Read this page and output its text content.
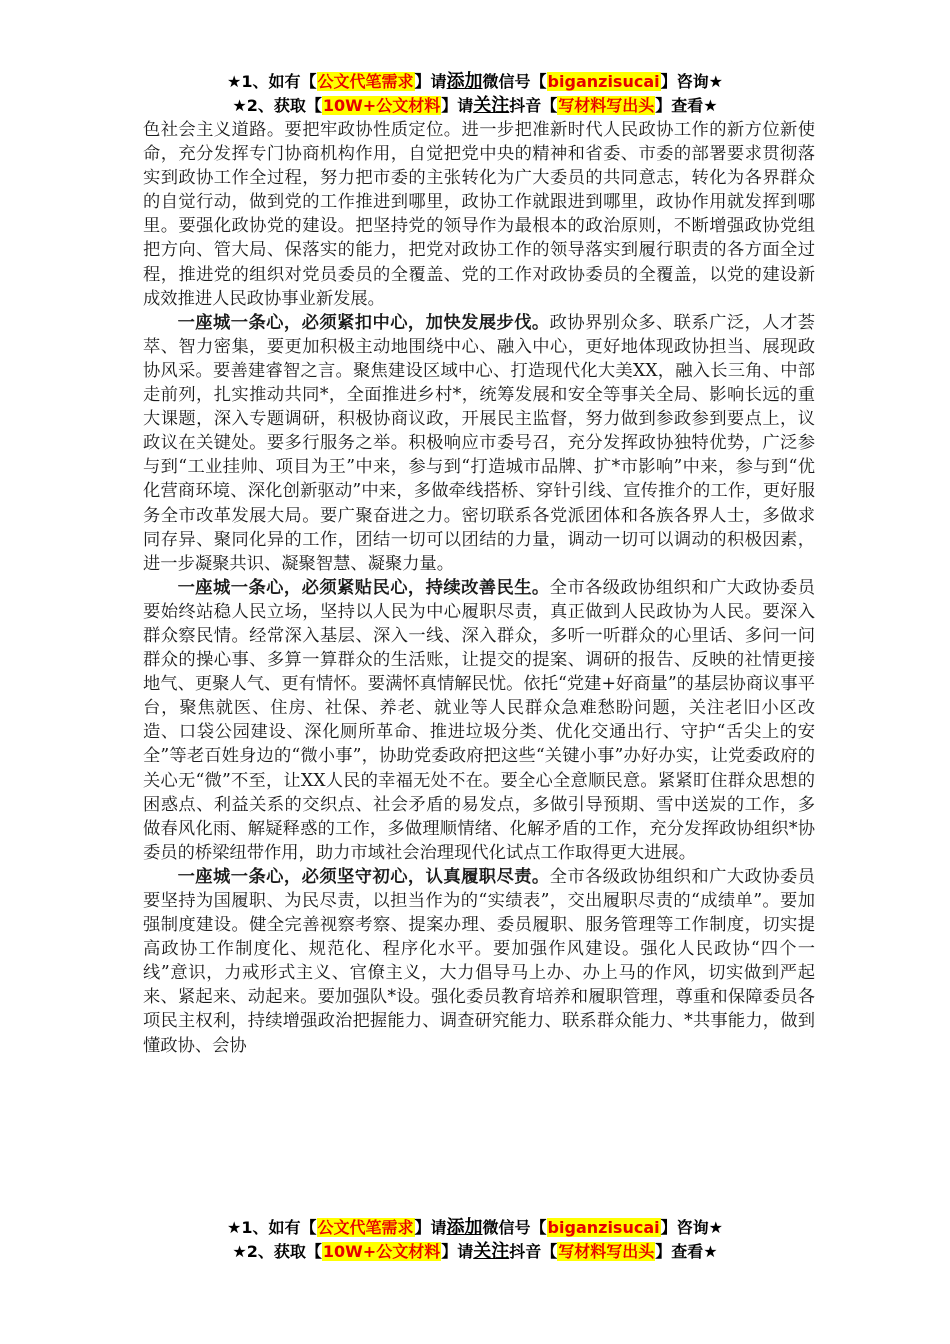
★1、如有【公文代笔需求】请添加微信号【biganzisucai】咨询★
★2、获取【10W+公文材料】请关注抖音【写材料写出头】查看★

色社会主义道路。要把牢政协性质定位。进一步把准新时代人民政协工作的新方位新使命，充分发挥专门协商机构作用，自觉把党中央的精神和省委、市委的部署要求贯彻落实到政协工作全过程，努力把市委的主张转化为广大委员的共同意志，转化为各界群众的自觉行动，做到党的工作推进到哪里，政协工作就跟进到哪里，政协作用就发挥到哪里。要强化政协党的建设。把坚持党的领导作为最根本的政治原则，不断增强政协党组把方向、管大局、保落实的能力，把党对政协工作的领导落实到履行职责的各方面全过程，推进党的组织对党员委员的全覆盖、党的工作对政协委员的全覆盖，以党的建设新成效推进人民政协事业新发展。

一座城一条心，必须紧扣中心，加快发展步伐。政协界别众多、联系广泛，人才荟萃、智力密集，要更加积极主动地围绕中心、融入中心，更好地体现政协担当、展现政协风采。要善建睿智之言。聚焦建设区域中心、打造现代化大美XX，融入长三角、中部走前列，扎实推动共同*，全面推进乡村*，统筹发展和安全等事关全局、影响长远的重大课题，深入专题调研，积极协商议政，开展民主监督，努力做到参政参到要点上，议政议在关键处。要多行服务之举。积极响应市委号召，充分发挥政协独特优势，广泛参与到“工业挂帅、项目为王”中来，参与到“打造城市品牌、扩*市影响”中来，参与到“优化营商环境、深化创新驱动”中来，多做牵线搭桥、穿针引线、宣传推介的工作，更好服务全市改革发展大局。要广聚奋进之力。密切联系各党派团体和各族各界人士，多做求同存异、聚同化异的工作，团结一切可以团结的力量，调动一切可以调动的积极因素，进一步凝聚共识、凝聚智慧、凝聚力量。

一座城一条心，必须紧贴民心，持续改善民生。全市各级政协组织和广大政协委员要始终站稳人民立场，坚持以人民为中心履职尽责，真正做到人民政协为人民。要深入群众察民情。经常深入基层、深入一线、深入群众，多听一听群众的心里话、多问一问群众的操心事、多算一算群众的生活账，让提交的提案、调研的报告、反映的社情更接地气、更聚人气、更有情怀。要满怀真情解民忧。依托“党建+好商量”的基层协商议事平台，聚焦就医、住房、社保、养老、就业等人民群众急难愁盼问题，关注老旧小区改造、口袋公园建设、深化厕所革命、推进垃圾分类、优化交通出行、守护“舌尖上的安全”等老百姓身边的“微小事”，协助党委政府把这些“关键小事”办好办实，让党委政府的关心无“微”不至，让XX人民的幸福无处不在。要全心全意顺民意。紧紧盯住群众思想的困惑点、利益关系的交织点、社会矛盾的易发点，多做引导预期、雪中送炭的工作，多做春风化雨、解疑释惑的工作，多做理顺情绪、化解矛盾的工作，充分发挥政协组织*协委员的桥梁纽带作用，助力市域社会治理现代化试点工作取得更大进展。

一座城一条心，必须坚守初心，认真履职尽责。全市各级政协组织和广大政协委员要坚持为国履职、为民尽责，以担当作为的“实绩表”，交出履职尽责的“成绩单”。要加强制度建设。健全完善视察考察、提案办理、委员履职、服务管理等工作制度，切实提高政协工作制度化、规范化、程序化水平。要加强作风建设。强化人民政协“四个一线”意识，力戒形式主义、官僚主义，大力倡导马上办、办上马的作风，切实做到严起来、紧起来、动起来。要加强队*设。强化委员教育培养和履职管理，尊重和保障委员各项民主权利，持续增强政治把握能力、调查研究能力、联系群众能力、*共事能力，做到懂政协、会协

★1、如有【公文代笔需求】请添加微信号【biganzisucai】咨询★
★2、获取【10W+公文材料】请关注抖音【写材料写出头】查看★
